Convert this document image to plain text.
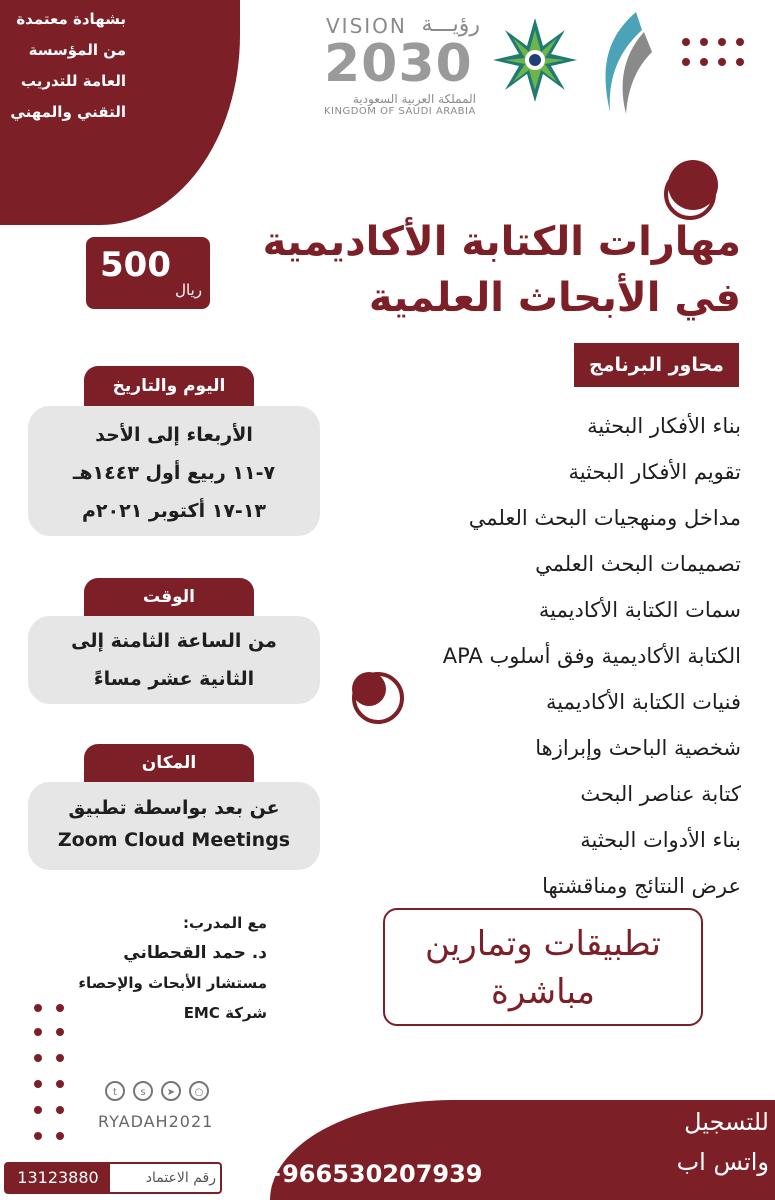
بشهادة معتمدة
من المؤسسة
العامة للتدريب
التقني والمهني
VISION رؤيـــة
2030
المملكة العربية السعودية
KINGDOM OF SAUDI ARABIA
مهارات الكتابة الأكاديمية
في الأبحاث العلمية
500
ريال
محاور البرنامج
بناء الأفكار البحثية
تقويم الأفكار البحثية
مداخل ومنهجيات البحث العلمي
تصميمات البحث العلمي
سمات الكتابة الأكاديمية
الكتابة الأكاديمية وفق أسلوب APA
فنيات الكتابة الأكاديمية
شخصية الباحث وإبرازها
كتابة عناصر البحث
بناء الأدوات البحثية
عرض النتائج ومناقشتها
اليوم والتاريخ
الأربعاء إلى الأحد
٧-١١ ربيع أول ١٤٤٣هـ
١٣-١٧ أكتوبر ٢٠٢١م
الوقت
من الساعة الثامنة إلى
الثانية عشر مساءً
المكان
عن بعد بواسطة تطبيق
Zoom Cloud Meetings
تطبيقات وتمارين
مباشرة
مع المدرب:
د. حمد القحطاني
مستشار الأبحاث والإحصاء
شركة EMC
t	s	➤	○
RYADAH2021
13123880	رقم الاعتماد
للتسجيل
واتس اب
+966530207939
